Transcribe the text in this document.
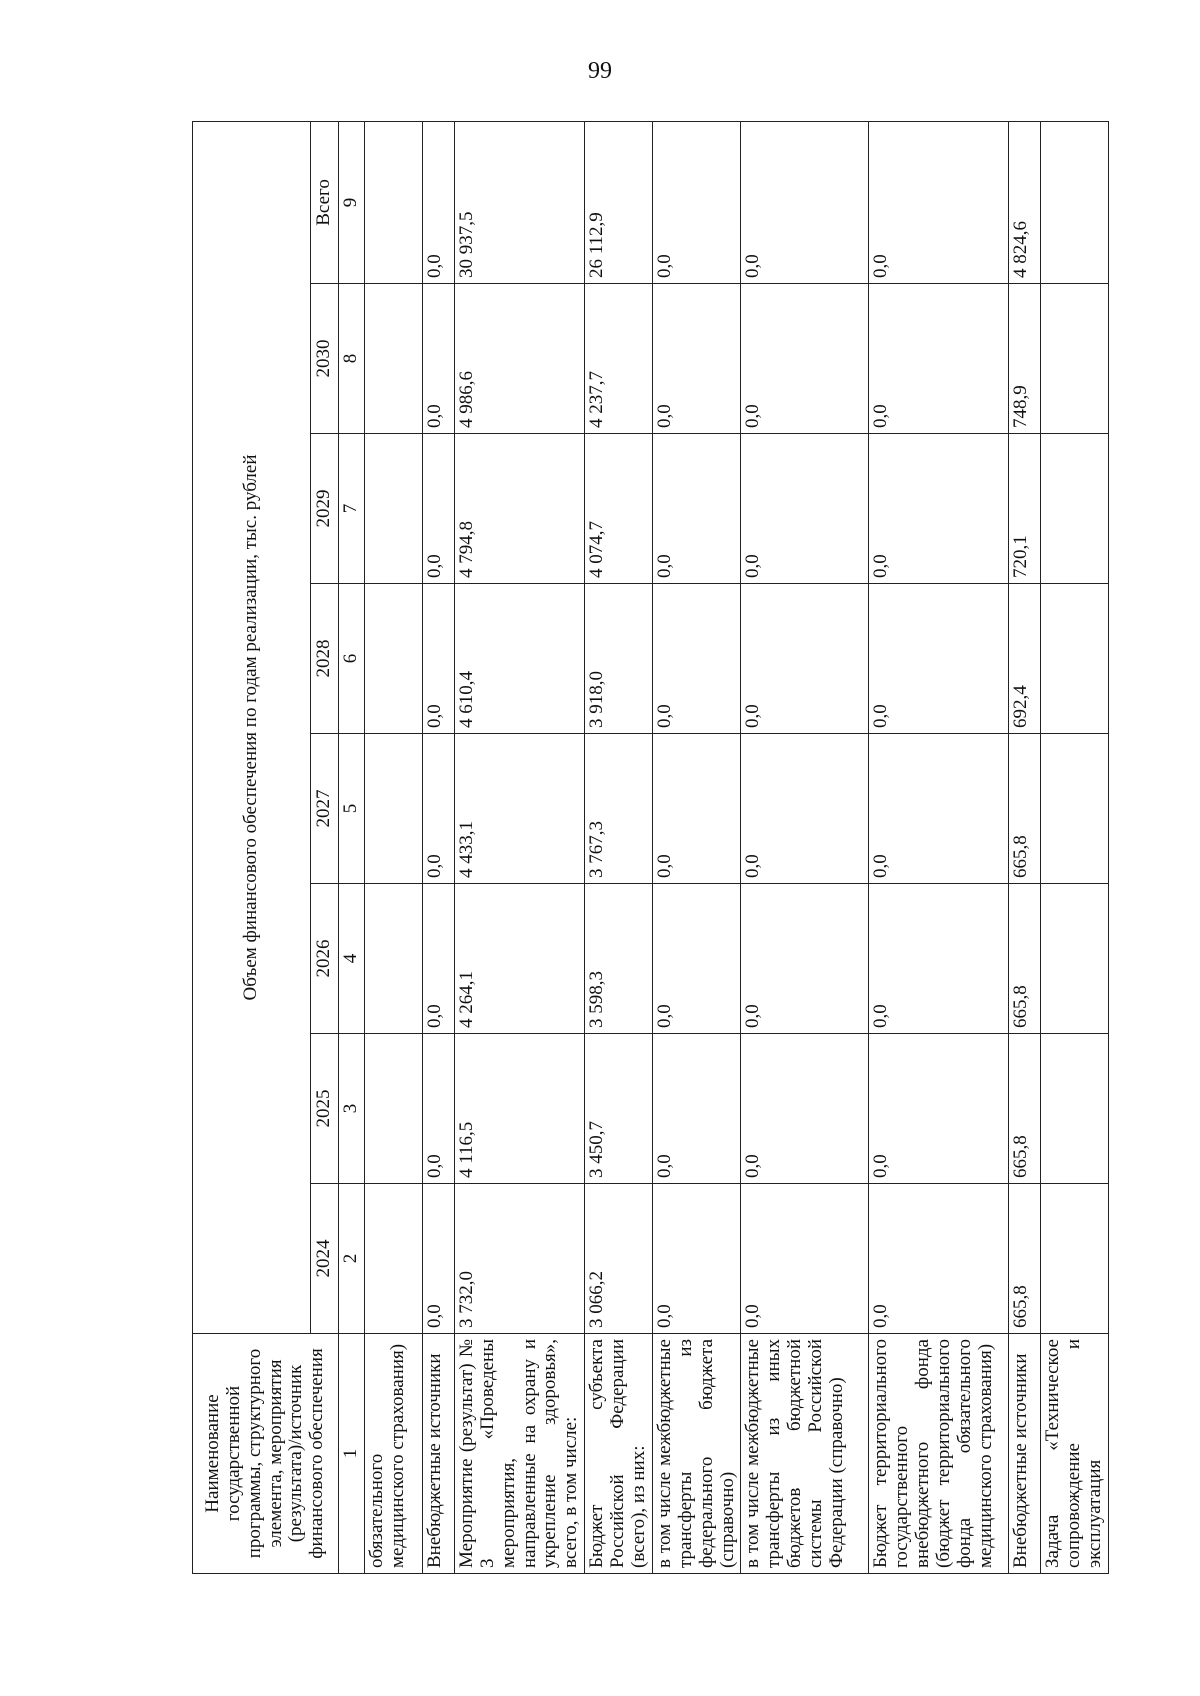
99
Наименование государственной программы, структурного элемента, мероприятия (результата)/источник финансового обеспечения	Объем финансового обеспечения по годам реализации, тыс. рублей							
	2024	2025	2026	2027	2028	2029	2030	Всего
1	2	3	4	5	6	7	8	9
обязательного медицинского страхования)								
Внебюджетные источники	0,0	0,0	0,0	0,0	0,0	0,0	0,0	0,0
Мероприятие (результат) № 3 «Проведены мероприятия, направленные на охрану и укрепление здоровья», всего, в том числе:	3 732,0	4 116,5	4 264,1	4 433,1	4 610,4	4 794,8	4 986,6	30 937,5
Бюджет субъекта Российской Федерации (всего), из них:	3 066,2	3 450,7	3 598,3	3 767,3	3 918,0	4 074,7	4 237,7	26 112,9
в том числе межбюджетные трансферты из федерального бюджета (справочно)	0,0	0,0	0,0	0,0	0,0	0,0	0,0	0,0
в том числе межбюджетные трансферты из иных бюджетов бюджетной системы Российской Федерации (справочно)	0,0	0,0	0,0	0,0	0,0	0,0	0,0	0,0
Бюджет территориального государственного внебюджетного фонда (бюджет территориального фонда обязательного медицинского страхования)	0,0	0,0	0,0	0,0	0,0	0,0	0,0	0,0
Внебюджетные источники	665,8	665,8	665,8	665,8	692,4	720,1	748,9	4 824,6
Задача «Техническое сопровождение и эксплуатация								
